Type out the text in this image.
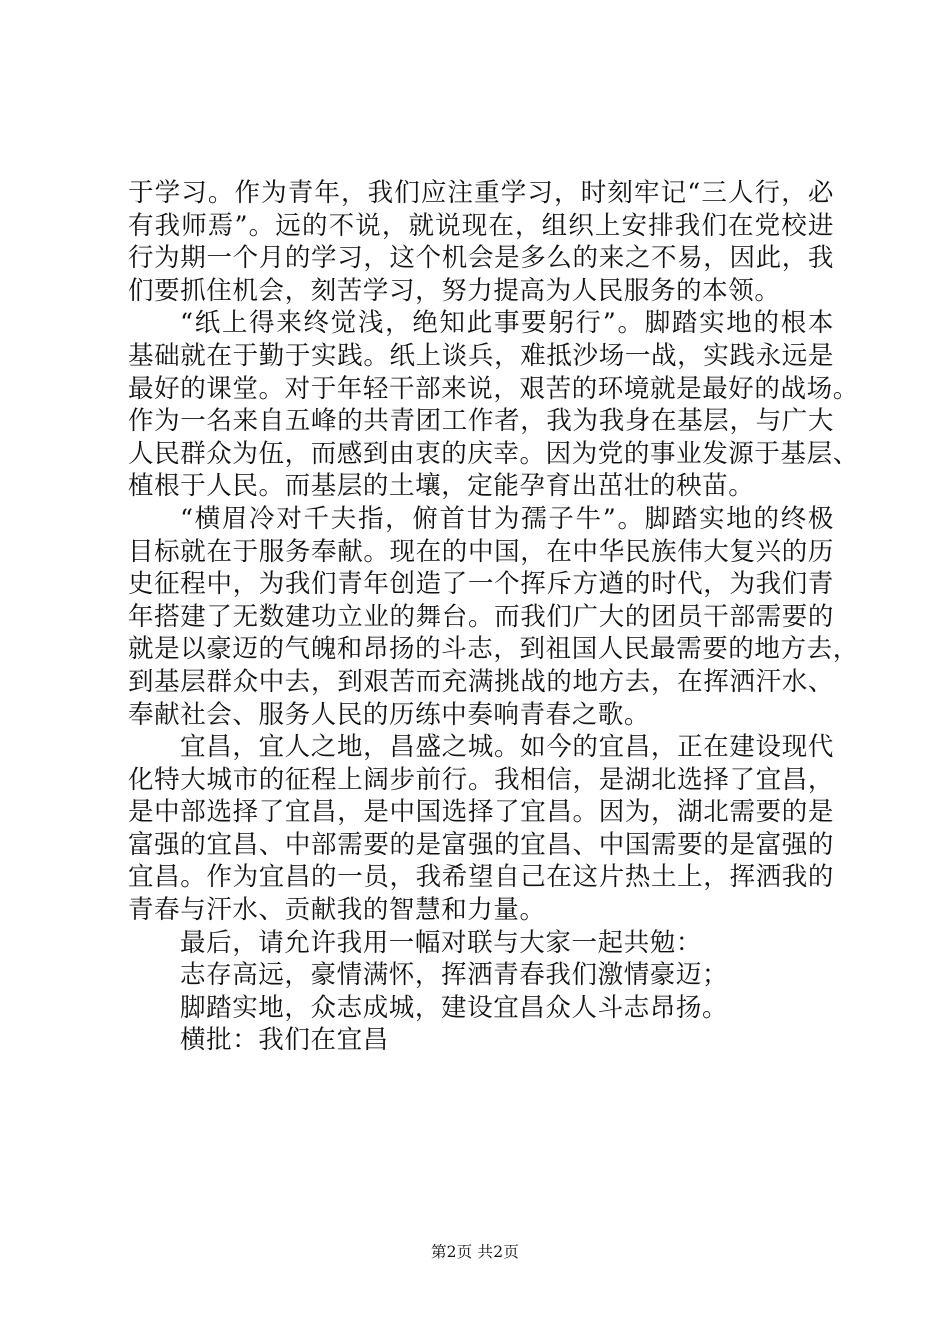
于学习。作为青年，我们应注重学习，时刻牢记“三人行，必
有我师焉”。远的不说，就说现在，组织上安排我们在党校进
行为期一个月的学习，这个机会是多么的来之不易，因此，我
们要抓住机会，刻苦学习，努力提高为人民服务的本领。
“纸上得来终觉浅，绝知此事要躬行”。脚踏实地的根本
基础就在于勤于实践。纸上谈兵，难抵沙场一战，实践永远是
最好的课堂。对于年轻干部来说，艰苦的环境就是最好的战场。
作为一名来自五峰的共青团工作者，我为我身在基层，与广大
人民群众为伍，而感到由衷的庆幸。因为党的事业发源于基层、
植根于人民。而基层的土壤，定能孕育出茁壮的秧苗。
“横眉冷对千夫指，俯首甘为孺子牛”。脚踏实地的终极
目标就在于服务奉献。现在的中国，在中华民族伟大复兴的历
史征程中，为我们青年创造了一个挥斥方遒的时代，为我们青
年搭建了无数建功立业的舞台。而我们广大的团员干部需要的
就是以豪迈的气魄和昂扬的斗志，到祖国人民最需要的地方去，
到基层群众中去，到艰苦而充满挑战的地方去，在挥洒汗水、
奉献社会、服务人民的历练中奏响青春之歌。
宜昌，宜人之地，昌盛之城。如今的宜昌，正在建设现代
化特大城市的征程上阔步前行。我相信，是湖北选择了宜昌，
是中部选择了宜昌，是中国选择了宜昌。因为，湖北需要的是
富强的宜昌、中部需要的是富强的宜昌、中国需要的是富强的
宜昌。作为宜昌的一员，我希望自己在这片热土上，挥洒我的
青春与汗水、贡献我的智慧和力量。
最后，请允许我用一幅对联与大家一起共勉：
志存高远，豪情满怀，挥洒青春我们激情豪迈；
脚踏实地，众志成城，建设宜昌众人斗志昂扬。
横批：我们在宜昌
第2页 共2页
